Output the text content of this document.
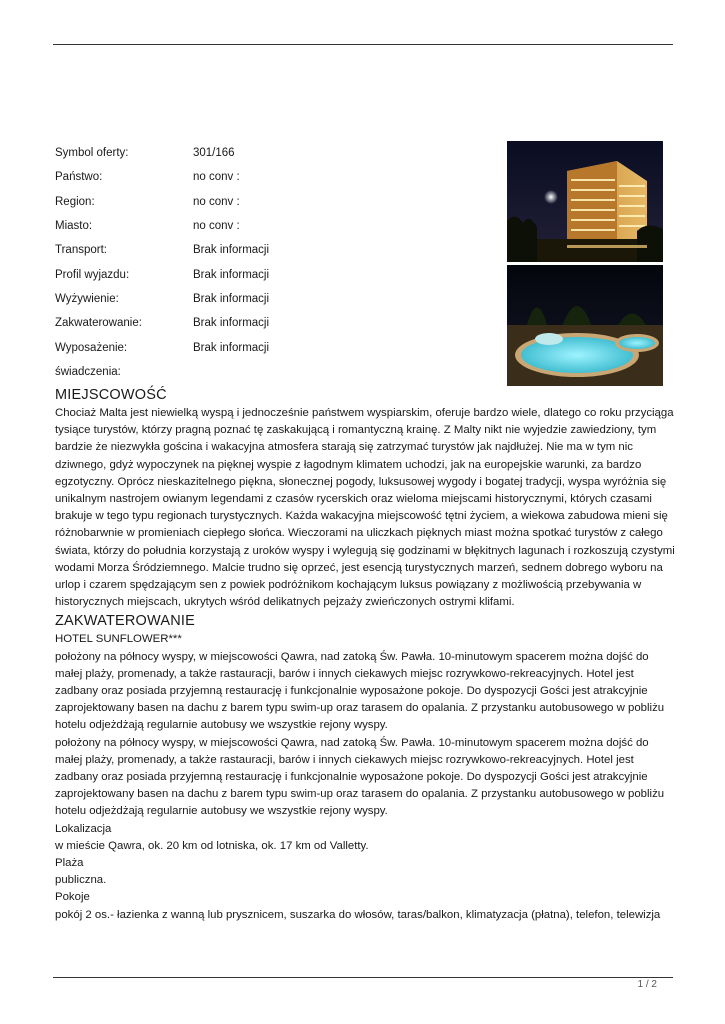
Symbol oferty:	301/166
Państwo:	no conv :
Region:	no conv :
Miasto:	no conv :
Transport:	Brak informacji
Profil wyjazdu:	Brak informacji
Wyżywienie:	Brak informacji
Zakwaterowanie:	Brak informacji
Wyposażenie:	Brak informacji
świadczenia:
MIEJSCOWOŚĆ

Chociaż Malta jest niewielką wyspą i jednocześnie państwem wyspiarskim, oferuje bardzo wiele, dlatego co roku przyciąga tysiące turystów, którzy pragną poznać tę zaskakującą i romantyczną krainę. Z Malty nikt nie wyjedzie zawiedziony, tym bardzie że niezwykła gościna i wakacyjna atmosfera starają się zatrzymać turystów jak najdłużej. Nie ma w tym nic dziwnego, gdyż wypoczynek na pięknej wyspie z łagodnym klimatem uchodzi, jak na europejskie warunki, za bardzo egzotyczny. Oprócz nieskazitelnego piękna, słonecznej pogody, luksusowej wygody i bogatej tradycji, wyspa wyróżnia się unikalnym nastrojem owianym legendami z czasów rycerskich oraz wieloma miejscami historycznymi, których czasami brakuje w tego typu regionach turystycznych. Każda wakacyjna miejscowość tętni życiem, a wiekowa zabudowa mieni się różnobarwnie w promieniach ciepłego słońca. Wieczorami na uliczkach pięknych miast można spotkać turystów z całego świata, którzy do południa korzystają z uroków wyspy i wylegują się godzinami w błękitnych lagunach i rozkoszują czystymi wodami Morza Śródziemnego. Malcie trudno się oprzeć, jest esencją turystycznych marzeń, sednem dobrego wyboru na urlop i czarem spędzającym sen z powiek podróżnikom kochającym luksus powiązany z możliwością przebywania w historycznych miejscach, ukrytych wśród delikatnych pejzaży zwieńczonych ostrymi klifami.

ZAKWATEROWANIE
HOTEL SUNFLOWER***

położony na północy wyspy, w miejscowości Qawra, nad zatoką Św. Pawła. 10-minutowym spacerem można dojść do małej plaży, promenady, a także rastauracji, barów i innych ciekawych miejsc rozrywkowo-rekreacyjnych. Hotel jest zadbany oraz posiada przyjemną restaurację i funkcjonalnie wyposażone pokoje. Do dyspozycji Gości jest atrakcyjnie zaprojektowany basen na dachu z barem typu swim-up oraz tarasem do opalania. Z przystanku autobusowego w pobliżu hotelu odjeżdżają regularnie autobusy we wszystkie rejony wyspy.

położony na północy wyspy, w miejscowości Qawra, nad zatoką Św. Pawła. 10-minutowym spacerem można dojść do małej plaży, promenady, a także rastauracji, barów i innych ciekawych miejsc rozrywkowo-rekreacyjnych. Hotel jest zadbany oraz posiada przyjemną restaurację i funkcjonalnie wyposażone pokoje. Do dyspozycji Gości jest atrakcyjnie zaprojektowany basen na dachu z barem typu swim-up oraz tarasem do opalania. Z przystanku autobusowego w pobliżu hotelu odjeżdżają regularnie autobusy we wszystkie rejony wyspy.

Lokalizacja
w mieście Qawra, ok. 20 km od lotniska, ok. 17 km od Valletty.
Plaża
publiczna.
Pokoje
pokój 2 os.- łazienka z wanną lub prysznicem, suszarka do włosów, taras/balkon, klimatyzacja (płatna), telefon, telewizja
1 / 2
